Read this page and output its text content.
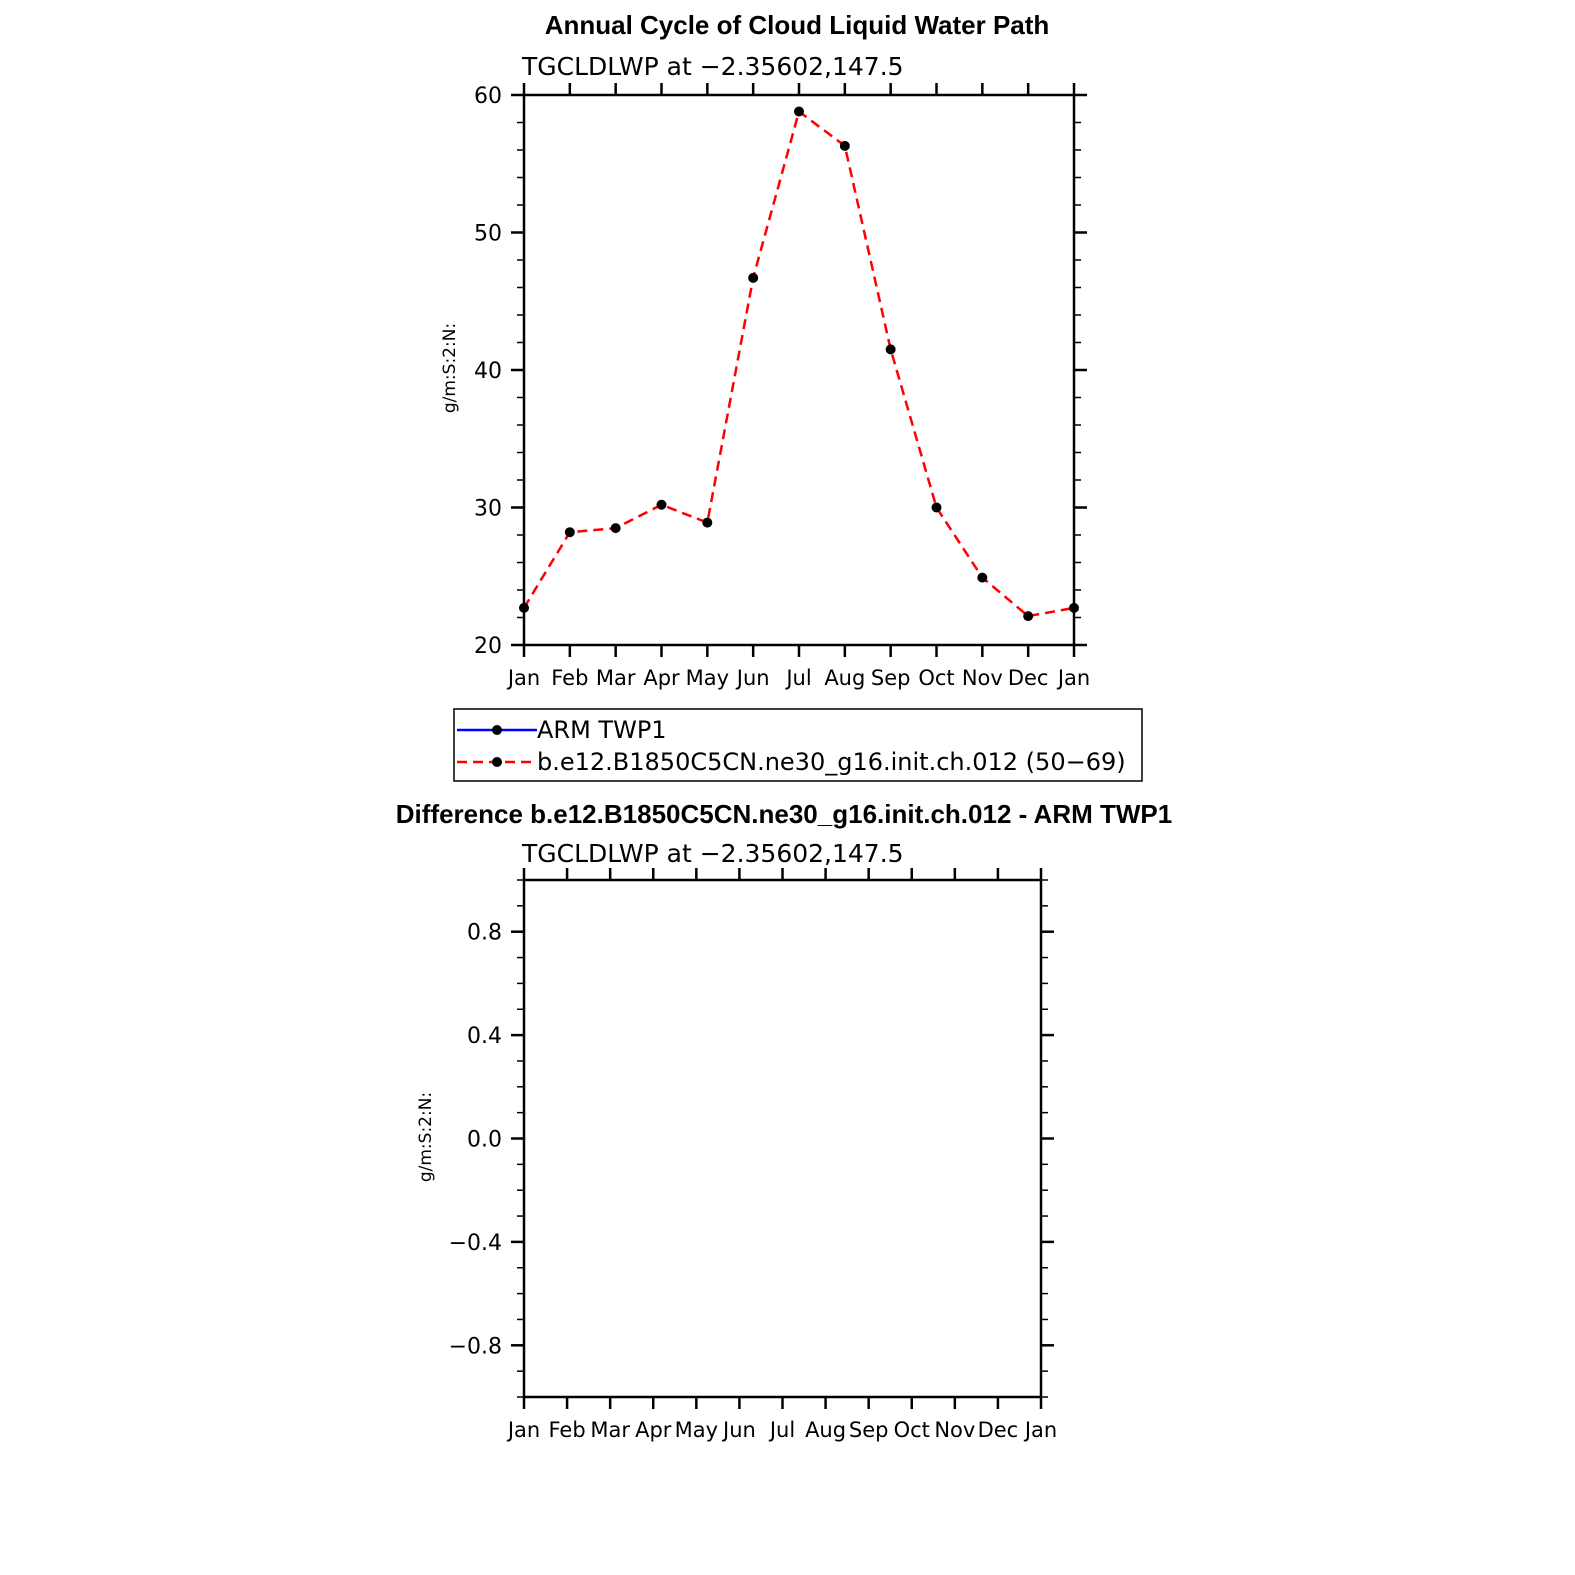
Annual Cycle of Cloud Liquid Water Path
TGCLDLWP at −2.35602,147.5
g/m:S:2:N:
Jan Feb Mar Apr May Jun Jul Aug Sep Oct Nov Dec Jan
20
30
40
50
60
ARM TWP1
b.e12.B1850C5CN.ne30_g16.init.ch.012 (50−69)
Difference b.e12.B1850C5CN.ne30_g16.init.ch.012 - ARM TWP1
TGCLDLWP at −2.35602,147.5
g/m:S:2:N:
Jan Feb Mar Apr May Jun Jul Aug Sep Oct Nov Dec Jan
0.8
0.4
0.0
−0.4
−0.8
